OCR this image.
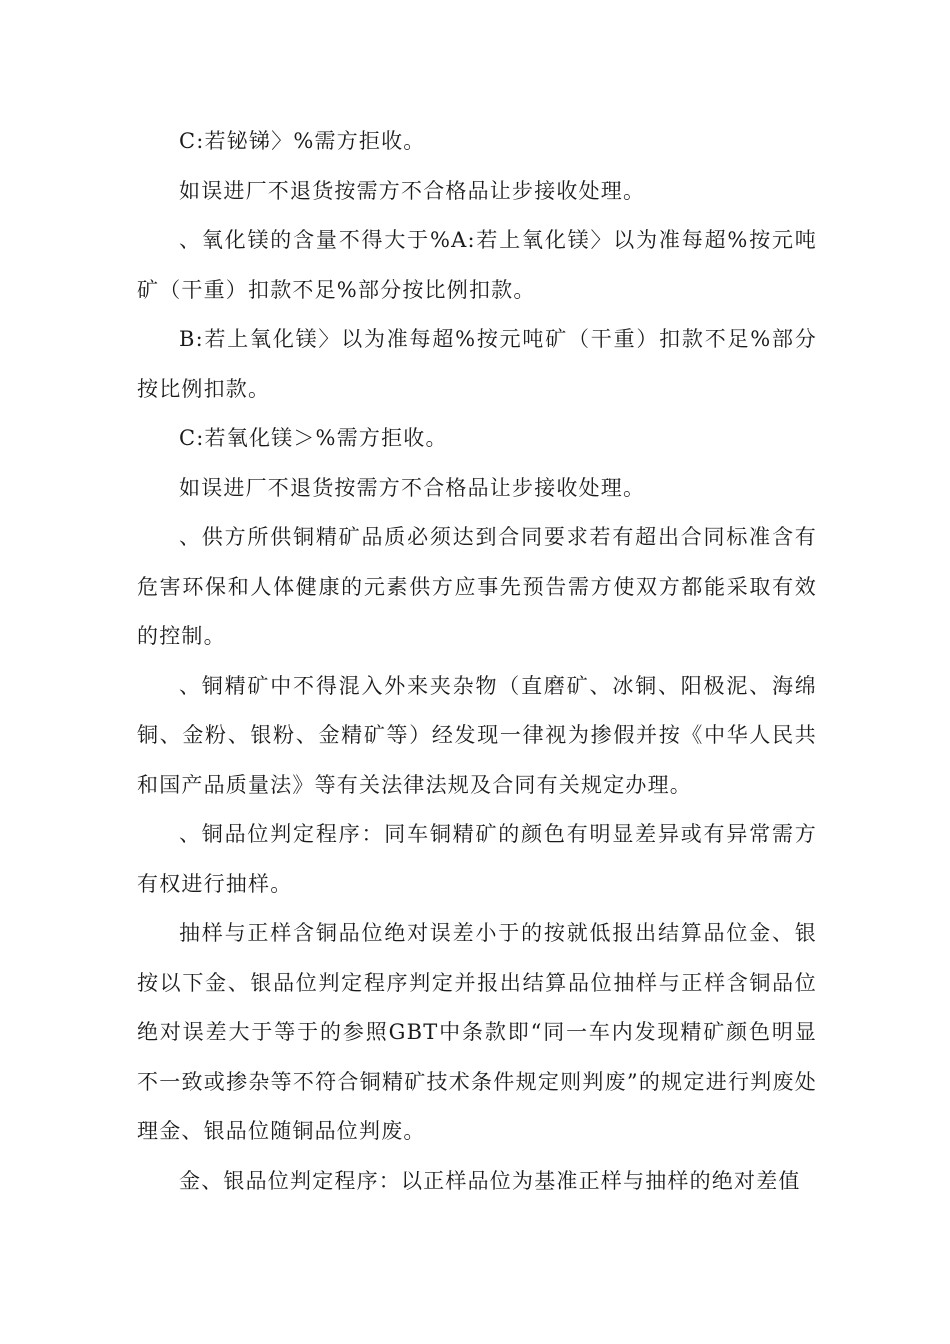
C:若铋锑〉%需方拒收。

如误进厂不退货按需方不合格品让步接收处理。

、氧化镁的含量不得大于%A:若上氧化镁〉以为准每超%按元吨矿（干重）扣款不足%部分按比例扣款。

B:若上氧化镁〉以为准每超%按元吨矿（干重）扣款不足%部分按比例扣款。

C:若氧化镁＞%需方拒收。

如误进厂不退货按需方不合格品让步接收处理。

、供方所供铜精矿品质必须达到合同要求若有超出合同标准含有危害环保和人体健康的元素供方应事先预告需方使双方都能采取有效的控制。

、铜精矿中不得混入外来夹杂物（直磨矿、冰铜、阳极泥、海绵铜、金粉、银粉、金精矿等）经发现一律视为掺假并按《中华人民共和国产品质量法》等有关法律法规及合同有关规定办理。

、铜品位判定程序：同车铜精矿的颜色有明显差异或有异常需方有权进行抽样。

抽样与正样含铜品位绝对误差小于的按就低报出结算品位金、银按以下金、银品位判定程序判定并报出结算品位抽样与正样含铜品位绝对误差大于等于的参照GBT中条款即“同一车内发现精矿颜色明显不一致或掺杂等不符合铜精矿技术条件规定则判废”的规定进行判废处理金、银品位随铜品位判废。

金、银品位判定程序：以正样品位为基准正样与抽样的绝对差值
